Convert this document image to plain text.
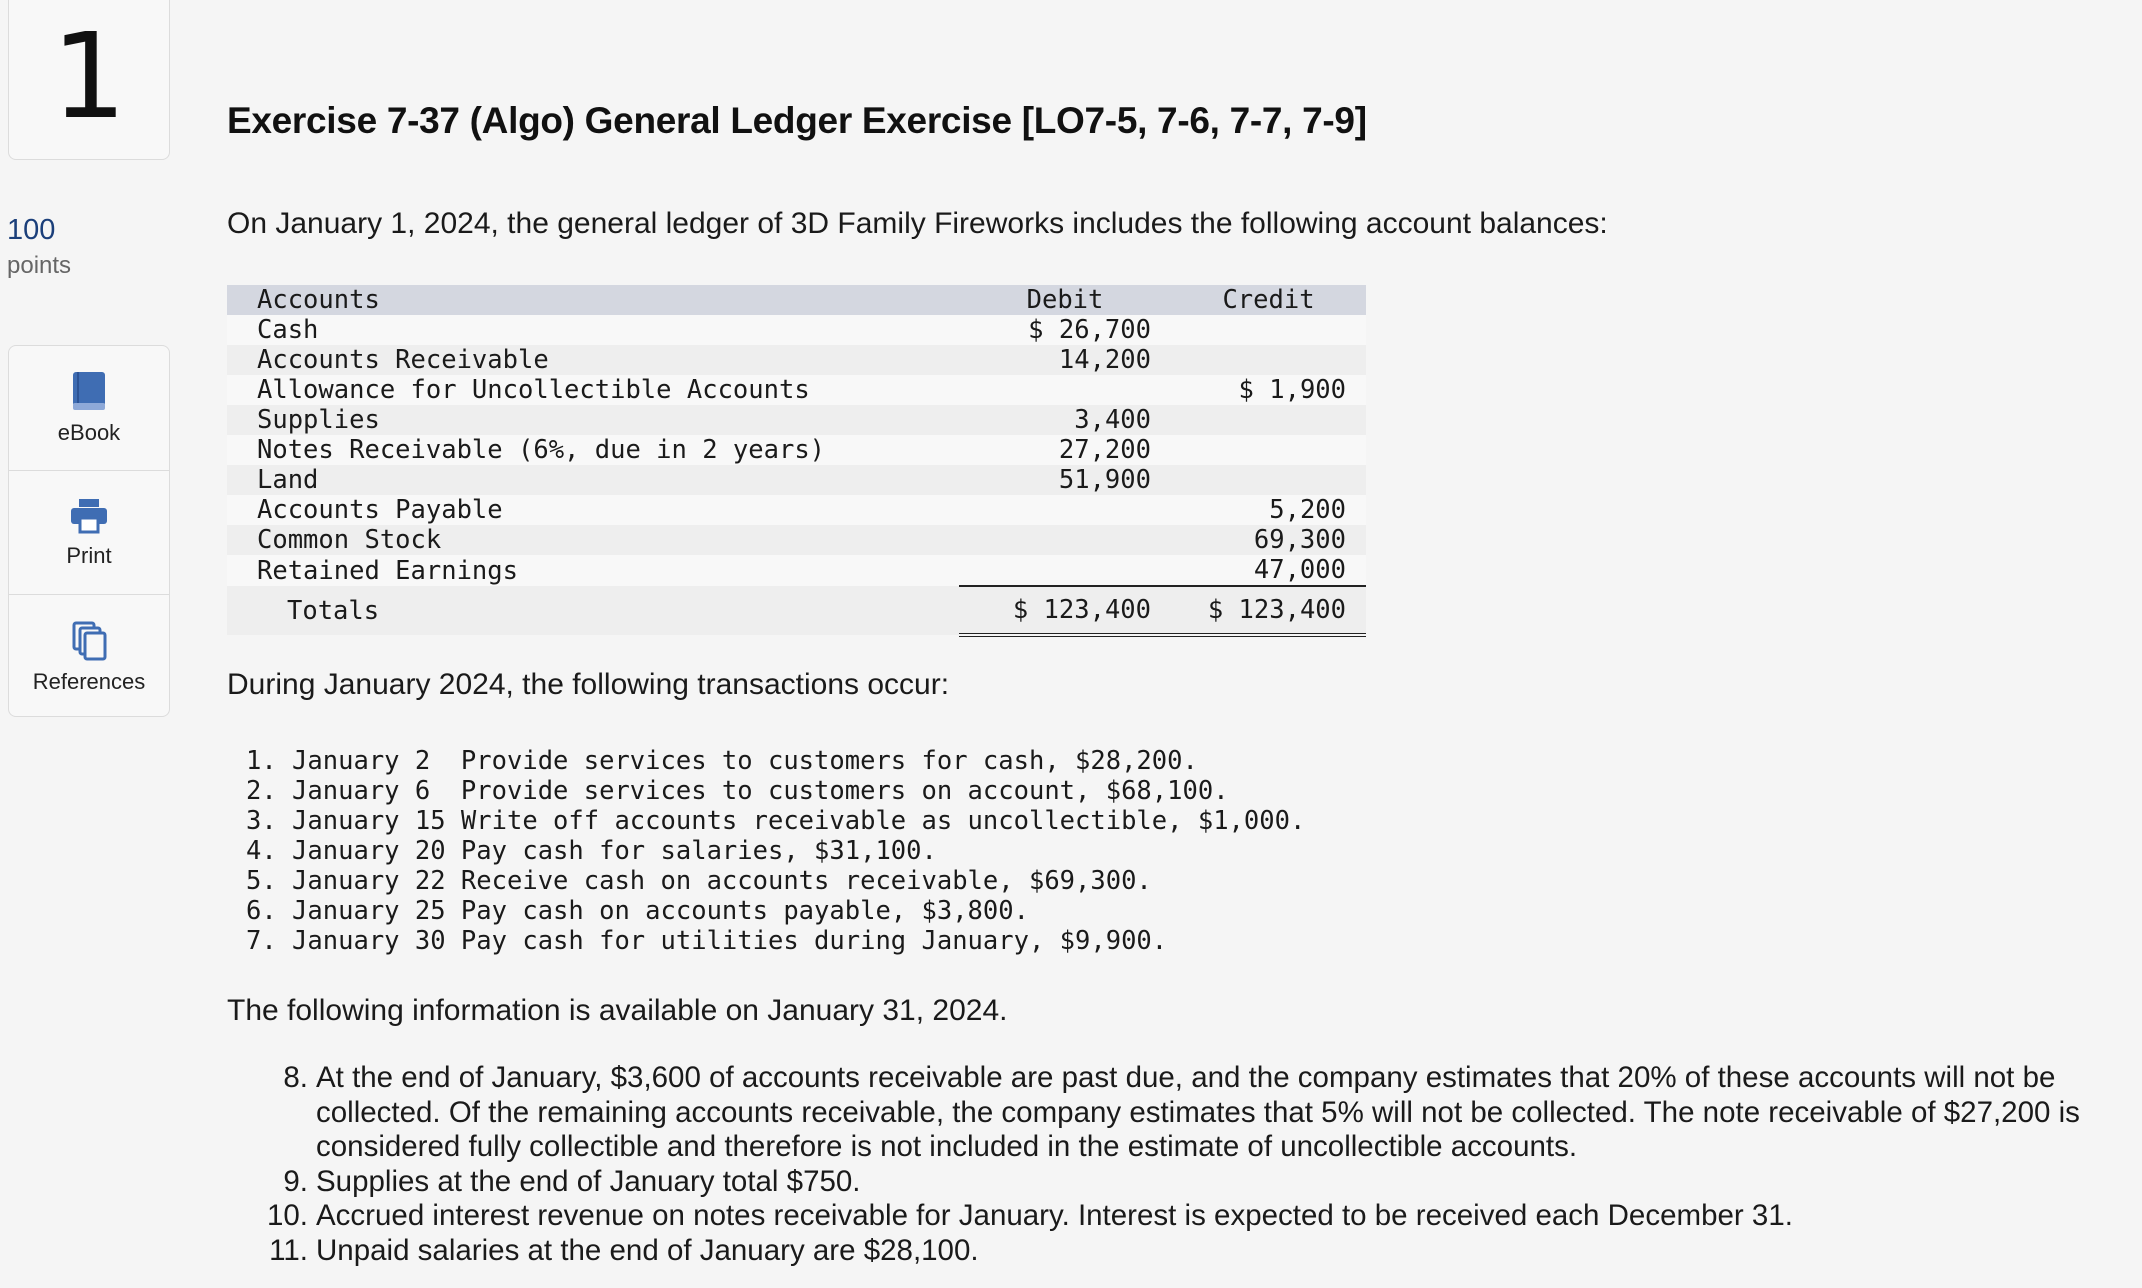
1
100
points
eBook
Print
References
Exercise 7-37 (Algo) General Ledger Exercise [LO7-5, 7-6, 7-7, 7-9]

On January 1, 2024, the general ledger of 3D Family Fireworks includes the following account balances:

Accounts	Debit	Credit
Cash	$ 26,700	
Accounts Receivable	14,200	
Allowance for Uncollectible Accounts		$ 1,900
Supplies	3,400	
Notes Receivable (6%, due in 2 years)	27,200	
Land	51,900	
Accounts Payable		5,200
Common Stock		69,300
Retained Earnings		47,000
Totals	$ 123,400	$ 123,400

During January 2024, the following transactions occur:

1. January 2  Provide services to customers for cash, $28,200.
2. January 6  Provide services to customers on account, $68,100.
3. January 15 Write off accounts receivable as uncollectible, $1,000.
4. January 20 Pay cash for salaries, $31,100.
5. January 22 Receive cash on accounts receivable, $69,300.
6. January 25 Pay cash on accounts payable, $3,800.
7. January 30 Pay cash for utilities during January, $9,900.

The following information is available on January 31, 2024.

8. At the end of January, $3,600 of accounts receivable are past due, and the company estimates that 20% of these accounts will not be collected. Of the remaining accounts receivable, the company estimates that 5% will not be collected. The note receivable of $27,200 is considered fully collectible and therefore is not included in the estimate of uncollectible accounts.
9. Supplies at the end of January total $750.
10. Accrued interest revenue on notes receivable for January. Interest is expected to be received each December 31.
11. Unpaid salaries at the end of January are $28,100.
